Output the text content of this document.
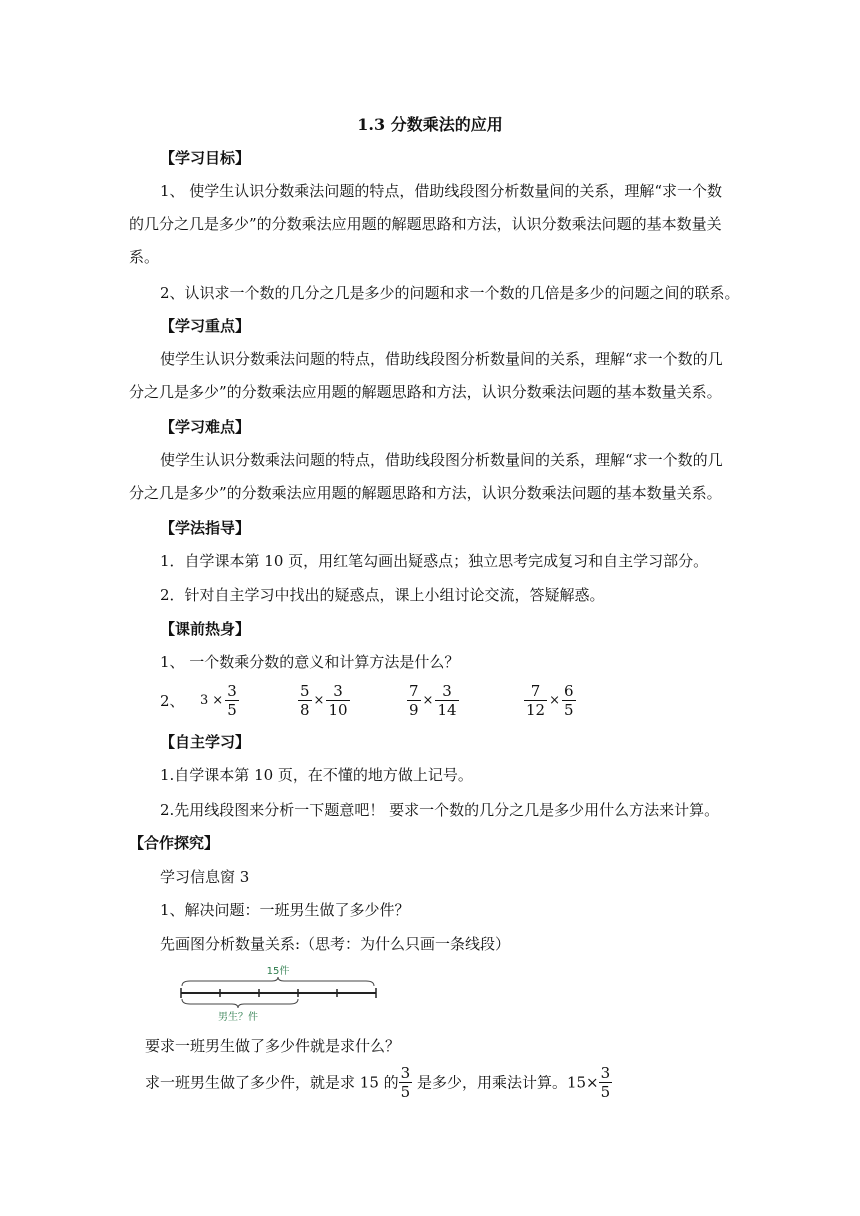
1.3 分数乘法的应用
【学习目标】
1、 使学生认识分数乘法问题的特点，借助线段图分析数量间的关系，理解“求一个数
的几分之几是多少”的分数乘法应用题的解题思路和方法，认识分数乘法问题的基本数量关
系。
2、认识求一个数的几分之几是多少的问题和求一个数的几倍是多少的问题之间的联系。
【学习重点】
使学生认识分数乘法问题的特点，借助线段图分析数量间的关系，理解“求一个数的几
分之几是多少”的分数乘法应用题的解题思路和方法，认识分数乘法问题的基本数量关系。
【学习难点】
使学生认识分数乘法问题的特点，借助线段图分析数量间的关系，理解“求一个数的几
分之几是多少”的分数乘法应用题的解题思路和方法，认识分数乘法问题的基本数量关系。
【学法指导】
1．自学课本第 10 页，用红笔勾画出疑惑点；独立思考完成复习和自主学习部分。
2．针对自主学习中找出的疑惑点，课上小组讨论交流，答疑解惑。
【课前热身】
1、 一个数乘分数的意义和计算方法是什么？
2、 $3 \times \frac{3}{5}$	$\frac{5}{8} \times \frac{3}{10}$	$\frac{7}{9} \times \frac{3}{14}$	$\frac{7}{12} \times \frac{6}{5}$
【自主学习】
1.自学课本第 10 页，在不懂的地方做上记号。
2.先用线段图来分析一下题意吧！ 要求一个数的几分之几是多少用什么方法来计算。
【合作探究】
学习信息窗 3
1、解决问题：一班男生做了多少件？
先画图分析数量关系:（思考：为什么只画一条线段）
15件
男生？件
要求一班男生做了多少件就是求什么？
求一班男生做了多少件，就是求 15 的 $\frac{3}{5}$ 是多少，用乘法计算。$15\times \frac{3}{5}$
